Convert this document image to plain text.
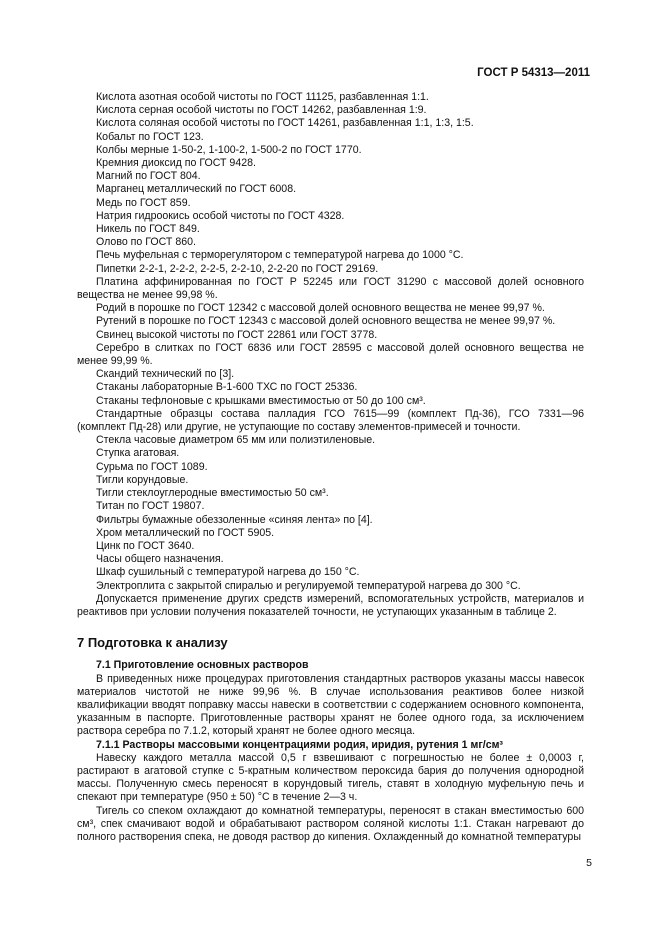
ГОСТ Р 54313—2011

Кислота азотная особой чистоты по ГОСТ 11125, разбавленная 1:1.

Кислота серная особой чистоты по ГОСТ 14262, разбавленная 1:9.

Кислота соляная особой чистоты по ГОСТ 14261, разбавленная 1:1, 1:3, 1:5.

Кобальт по ГОСТ 123.

Колбы мерные 1-50-2, 1-100-2, 1-500-2 по ГОСТ 1770.

Кремния диоксид по ГОСТ 9428.

Магний по ГОСТ 804.

Марганец металлический по ГОСТ 6008.

Медь по ГОСТ 859.

Натрия гидроокись особой чистоты по ГОСТ 4328.

Никель по ГОСТ 849.

Олово по ГОСТ 860.

Печь муфельная с терморегулятором с температурой нагрева до 1000 °С.

Пипетки 2-2-1, 2-2-2, 2-2-5, 2-2-10, 2-2-20 по ГОСТ 29169.

Платина аффинированная по ГОСТ Р 52245 или ГОСТ 31290 с массовой долей основного вещества не менее 99,98 %.

Родий в порошке по ГОСТ 12342 с массовой долей основного вещества не менее 99,97 %.

Рутений в порошке по ГОСТ 12343 с массовой долей основного вещества не менее 99,97 %.

Свинец высокой чистоты по ГОСТ 22861 или ГОСТ 3778.

Серебро в слитках по ГОСТ 6836 или ГОСТ 28595 с массовой долей основного вещества не менее 99,99 %.

Скандий технический по [3].

Стаканы лабораторные В-1-600 ТХС по ГОСТ 25336.

Стаканы тефлоновые с крышками вместимостью от 50 до 100 см³.

Стандартные образцы состава палладия ГСО 7615—99 (комплект Пд-36), ГСО 7331—96 (комплект Пд-28) или другие, не уступающие по составу элементов-примесей и точности.

Стекла часовые диаметром 65 мм или полиэтиленовые.

Ступка агатовая.

Сурьма по ГОСТ 1089.

Тигли корундовые.

Тигли стеклоуглеродные вместимостью 50 см³.

Титан по ГОСТ 19807.

Фильтры бумажные обеззоленные «синяя лента» по [4].

Хром металлический по ГОСТ 5905.

Цинк по ГОСТ 3640.

Часы общего назначения.

Шкаф сушильный с температурой нагрева до 150 °С.

Электроплита с закрытой спиралью и регулируемой температурой нагрева до 300 °С.

Допускается применение других средств измерений, вспомогательных устройств, материалов и реактивов при условии получения показателей точности, не уступающих указанным в таблице 2.

7 Подготовка к анализу
7.1 Приготовление основных растворов

В приведенных ниже процедурах приготовления стандартных растворов указаны массы навесок материалов чистотой не ниже 99,96 %. В случае использования реактивов более низкой квалификации вводят поправку массы навески в соответствии с содержанием основного компонента, указанным в паспорте. Приготовленные растворы хранят не более одного года, за исключением раствора серебра по 7.1.2, который хранят не более одного месяца.

7.1.1 Растворы массовыми концентрациями родия, иридия, рутения 1 мг/см³

Навеску каждого металла массой 0,5 г взвешивают с погрешностью не более ± 0,0003 г, растирают в агатовой ступке с 5-кратным количеством пероксида бария до получения однородной массы. Полученную смесь переносят в корундовый тигель, ставят в холодную муфельную печь и спекают при температуре (950 ± 50) °С в течение 2—3 ч.

Тигель со спеком охлаждают до комнатной температуры, переносят в стакан вместимостью 600 см³, спек смачивают водой и обрабатывают раствором соляной кислоты 1:1. Стакан нагревают до полного растворения спека, не доводя раствор до кипения. Охлажденный до комнатной температуры

5
